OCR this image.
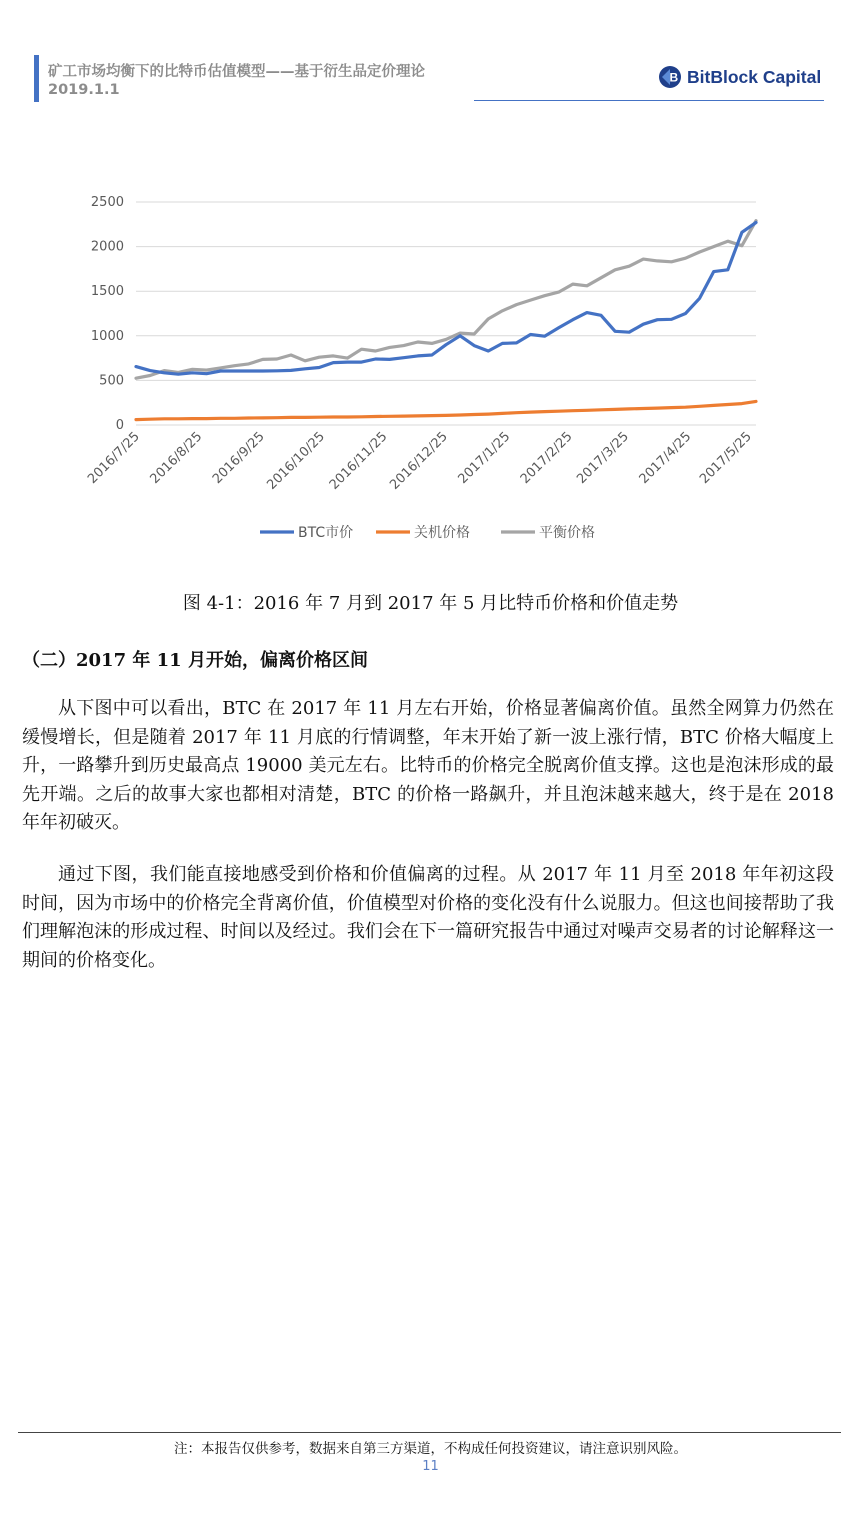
矿工市场均衡下的比特币估值模型——基于衍生品定价理论
2019.1.1
B BitBlock Capital
0
500
1000
1500
2000
2500
2016/7/25 2016/8/25 2016/9/25
2016/10/25
2016/11/25
2016/12/25 2017/1/25 2017/2/25
2017/3/25 2017/4/25 2017/5/25
BTC市价	关机价格	平衡价格
图 4-1：2016 年 7 月到 2017 年 5 月比特币价格和价值走势
（二）2017 年 11 月开始，偏离价格区间

从下图中可以看出，BTC 在 2017 年 11 月左右开始，价格显著偏离价值。虽然全网算力仍然在缓慢增长，但是随着 2017 年 11 月底的行情调整，年末开始了新一波上涨行情，BTC 价格大幅度上升，一路攀升到历史最高点 19000 美元左右。比特币的价格完全脱离价值支撑。这也是泡沫形成的最先开端。之后的故事大家也都相对清楚，BTC 的价格一路飙升，并且泡沫越来越大，终于是在 2018 年年初破灭。

通过下图，我们能直接地感受到价格和价值偏离的过程。从 2017 年 11 月至 2018 年年初这段时间，因为市场中的价格完全背离价值，价值模型对价格的变化没有什么说服力。但这也间接帮助了我们理解泡沫的形成过程、时间以及经过。我们会在下一篇研究报告中通过对噪声交易者的讨论解释这一期间的价格变化。

注：本报告仅供参考，数据来自第三方渠道，不构成任何投资建议，请注意识别风险。
11
